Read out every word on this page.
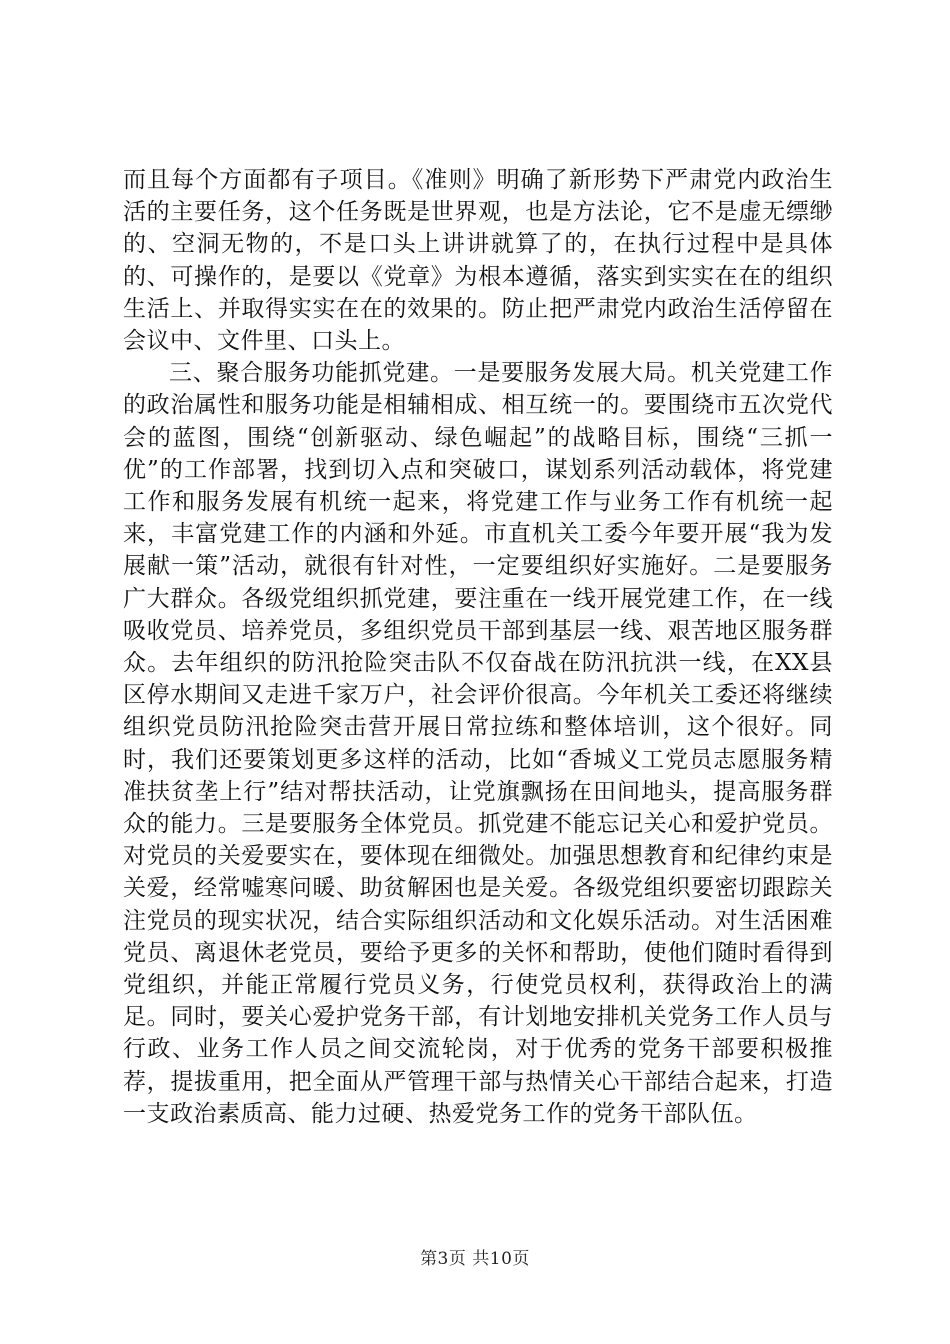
而且每个方面都有子项目。《准则》明确了新形势下严肃党内政治生活的主要任务，这个任务既是世界观，也是方法论，它不是虚无缥缈的、空洞无物的，不是口头上讲讲就算了的，在执行过程中是具体的、可操作的，是要以《党章》为根本遵循，落实到实实在在的组织生活上、并取得实实在在的效果的。防止把严肃党内政治生活停留在会议中、文件里、口头上。

三、聚合服务功能抓党建。一是要服务发展大局。机关党建工作的政治属性和服务功能是相辅相成、相互统一的。要围绕市五次党代会的蓝图，围绕“创新驱动、绿色崛起”的战略目标，围绕“三抓一优”的工作部署，找到切入点和突破口，谋划系列活动载体，将党建工作和服务发展有机统一起来，将党建工作与业务工作有机统一起来，丰富党建工作的内涵和外延。市直机关工委今年要开展“我为发展献一策”活动，就很有针对性，一定要组织好实施好。二是要服务广大群众。各级党组织抓党建，要注重在一线开展党建工作，在一线吸收党员、培养党员，多组织党员干部到基层一线、艰苦地区服务群众。去年组织的防汛抢险突击队不仅奋战在防汛抗洪一线，在XX县区停水期间又走进千家万户，社会评价很高。今年机关工委还将继续组织党员防汛抢险突击营开展日常拉练和整体培训，这个很好。同时，我们还要策划更多这样的活动，比如“香城义工党员志愿服务精准扶贫垄上行”结对帮扶活动，让党旗飘扬在田间地头，提高服务群众的能力。三是要服务全体党员。抓党建不能忘记关心和爱护党员。对党员的关爱要实在，要体现在细微处。加强思想教育和纪律约束是关爱，经常嘘寒问暖、助贫解困也是关爱。各级党组织要密切跟踪关注党员的现实状况，结合实际组织活动和文化娱乐活动。对生活困难党员、离退休老党员，要给予更多的关怀和帮助，使他们随时看得到党组织，并能正常履行党员义务，行使党员权利，获得政治上的满足。同时，要关心爱护党务干部，有计划地安排机关党务工作人员与行政、业务工作人员之间交流轮岗，对于优秀的党务干部要积极推荐，提拔重用，把全面从严管理干部与热情关心干部结合起来，打造一支政治素质高、能力过硬、热爱党务工作的党务干部队伍。

第3页 共10页
